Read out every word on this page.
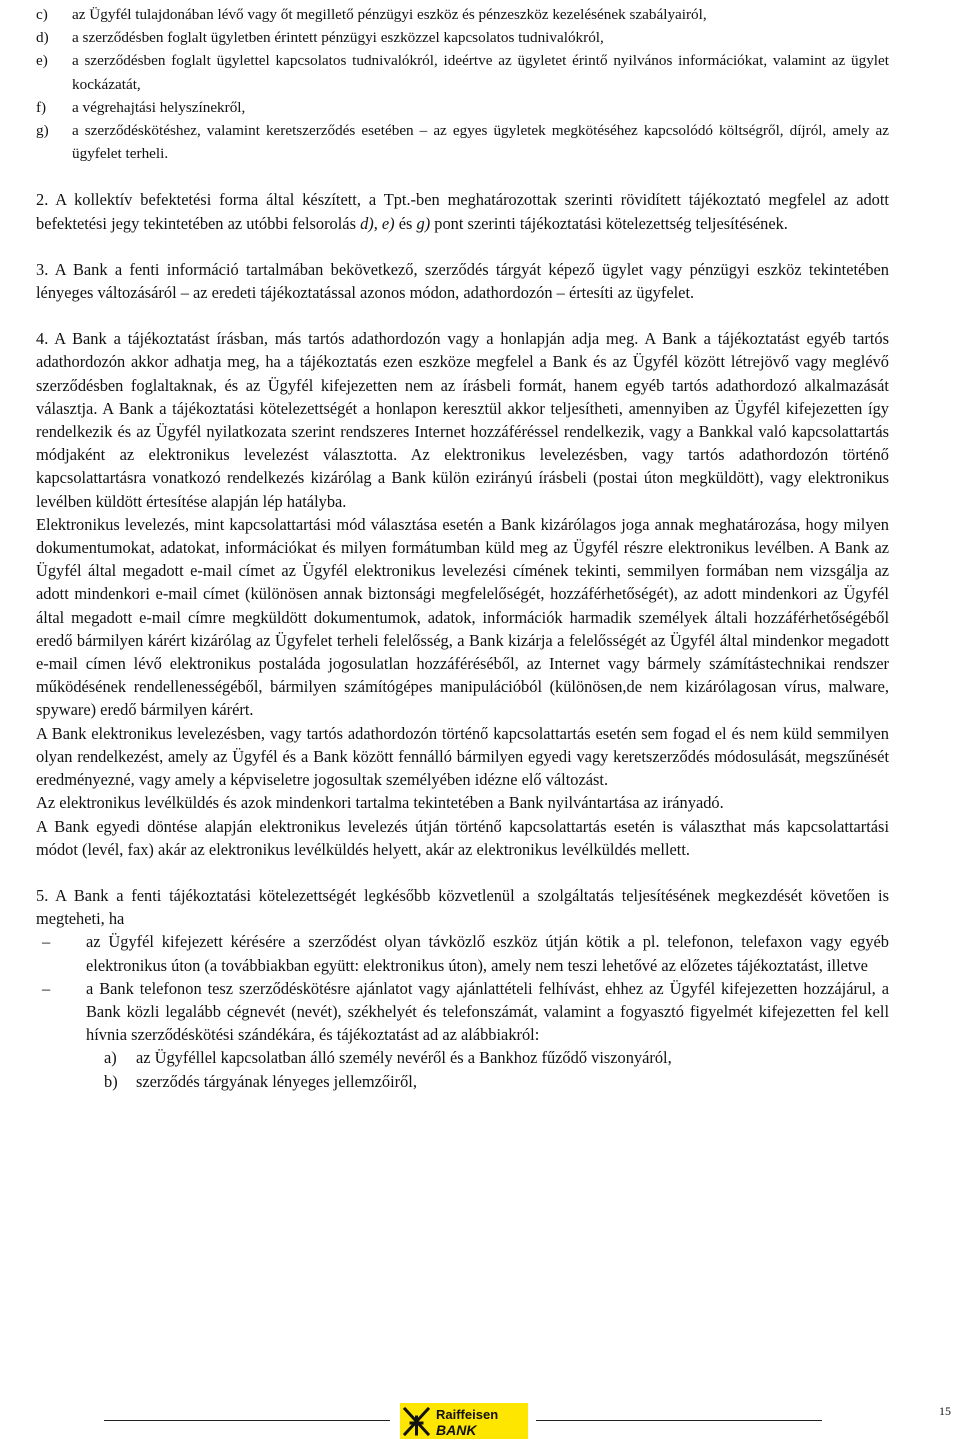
c) az Ügyfél tulajdonában lévő vagy őt megillető pénzügyi eszköz és pénzeszköz kezelésének szabályairól,
d) a szerződésben foglalt ügyletben érintett pénzügyi eszközzel kapcsolatos tudnivalókról,
e) a szerződésben foglalt ügylettel kapcsolatos tudnivalókról, ideértve az ügyletet érintő nyilvános információkat, valamint az ügylet kockázatát,
f) a végrehajtási helyszínekről,
g) a szerződéskötéshez, valamint keretszerződés esetében – az egyes ügyletek megkötéséhez kapcsolódó költségről, díjról, amely az ügyfelet terheli.

2. A kollektív befektetési forma által készített, a Tpt.-ben meghatározottak szerinti rövidített tájékoztató megfelel az adott befektetési jegy tekintetében az utóbbi felsorolás d), e) és g) pont szerinti tájékoztatási kötelezettség teljesítésének.

3. A Bank a fenti információ tartalmában bekövetkező, szerződés tárgyát képező ügylet vagy pénzügyi eszköz tekintetében lényeges változásáról – az eredeti tájékoztatással azonos módon, adathordozón – értesíti az ügyfelet.

4. A Bank a tájékoztatást írásban, más tartós adathordozón vagy a honlapján adja meg. A Bank a tájékoztatást egyéb tartós adathordozón akkor adhatja meg, ha a tájékoztatás ezen eszköze megfelel a Bank és az Ügyfél között létrejövő vagy meglévő szerződésben foglaltaknak, és az Ügyfél kifejezetten nem az írásbeli formát, hanem egyéb tartós adathordozó alkalmazását választja. A Bank a tájékoztatási kötelezettségét a honlapon keresztül akkor teljesítheti, amennyiben az Ügyfél kifejezetten így rendelkezik és az Ügyfél nyilatkozata szerint rendszeres Internet hozzáféréssel rendelkezik, vagy a Bankkal való kapcsolattartás módjaként az elektronikus levelezést választotta. Az elektronikus levelezésben, vagy tartós adathordozón történő kapcsolattartásra vonatkozó rendelkezés kizárólag a Bank külön ezirányú írásbeli (postai úton megküldött), vagy elektronikus levélben küldött értesítése alapján lép hatályba.

Elektronikus levelezés, mint kapcsolattartási mód választása esetén a Bank kizárólagos joga annak meghatározása, hogy milyen dokumentumokat, adatokat, információkat és milyen formátumban küld meg az Ügyfél részre elektronikus levélben. A Bank az Ügyfél által megadott e-mail címet az Ügyfél elektronikus levelezési címének tekinti, semmilyen formában nem vizsgálja az adott mindenkori e-mail címet (különösen annak biztonsági megfelelőségét, hozzáférhetőségét), az adott mindenkori az Ügyfél által megadott e-mail címre megküldött dokumentumok, adatok, információk harmadik személyek általi hozzáférhetőségéből eredő bármilyen kárért kizárólag az Ügyfelet terheli felelősség, a Bank kizárja a felelősségét az Ügyfél által mindenkor megadott e-mail címen lévő elektronikus postaláda jogosulatlan hozzáféréséből, az Internet vagy bármely számítástechnikai rendszer működésének rendellenességéből, bármilyen számítógépes manipulációból (különösen,de nem kizárólagosan vírus, malware, spyware) eredő bármilyen kárért.

A Bank elektronikus levelezésben, vagy tartós adathordozón történő kapcsolattartás esetén sem fogad el és nem küld semmilyen olyan rendelkezést, amely az Ügyfél és a Bank között fennálló bármilyen egyedi vagy keretszerződés módosulását, megszűnését eredményezné, vagy amely a képviseletre jogosultak személyében idézne elő változást.

Az elektronikus levélküldés és azok mindenkori tartalma tekintetében a Bank nyilvántartása az irányadó.

A Bank egyedi döntése alapján elektronikus levelezés útján történő kapcsolattartás esetén is választhat más kapcsolattartási módot (levél, fax) akár az elektronikus levélküldés helyett, akár az elektronikus levélküldés mellett.

5. A Bank a fenti tájékoztatási kötelezettségét legkésőbb közvetlenül a szolgáltatás teljesítésének megkezdését követően is megteheti, ha

– az Ügyfél kifejezett kérésére a szerződést olyan távközlő eszköz útján kötik a pl. telefonon, telefaxon vagy egyéb elektronikus úton (a továbbiakban együtt: elektronikus úton), amely nem teszi lehetővé az előzetes tájékoztatást, illetve
– a Bank telefonon tesz szerződéskötésre ajánlatot vagy ajánlattételi felhívást, ehhez az Ügyfél kifejezetten hozzájárul, a Bank közli legalább cégnevét (nevét), székhelyét és telefonszámát, valamint a fogyasztó figyelmét kifejezetten fel kell hívnia szerződéskötési szándékára, és tájékoztatást ad az alábbiakról:
a) az Ügyféllel kapcsolatban álló személy nevéről és a Bankhoz fűződő viszonyáról,
b) szerződés tárgyának lényeges jellemzőiről,
Raiffeisen
BANK
15
